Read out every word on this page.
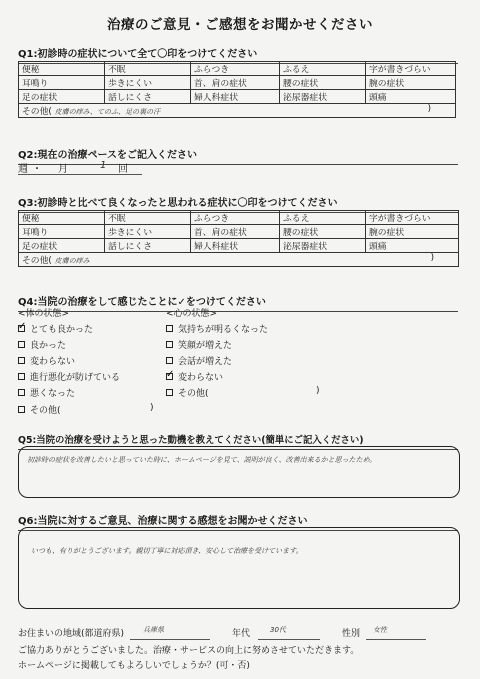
治療のご意見・ご感想をお聞かせください
Q1:初診時の症状について全て〇印をつけてください
便秘	不眠	ふらつき	ふるえ	字が書きづらい
耳鳴り	歩きにくい	首、肩の症状	腰の症状	腕の症状
足の症状	話しにくさ	婦人科症状	泌尿器症状	頭痛
その他( 皮膚の痒み、てのふ、足の裏の汗 )				
Q2:現在の治療ペースをご記入ください
週 ・ 月	1 回
Q3:初診時と比べて良くなったと思われる症状に〇印をつけてください
便秘	不眠	ふらつき	ふるえ	字が書きづらい
耳鳴り	歩きにくい	首、肩の症状	腰の症状	腕の症状
足の症状	話しにくさ	婦人科症状	泌尿器症状	頭痛
その他( 皮膚の痒み )				
Q4:当院の治療をして感じたことに✓をつけてください
<体の状態>
✓
とても良かった
良かった
変わらない
進行悪化が防げている
悪くなった
その他(	)
<心の状態>
気持ちが明るくなった
笑顔が増えた
会話が増えた
✓
変わらない
その他(	)
Q5:当院の治療を受けようと思った動機を教えてください(簡単にご記入ください)
初診時の症状を改善したいと思っていた時に、ホームページを見て、説明が良く、改善出来るかと思ったため。
Q6:当院に対するご意見、治療に関する感想をお聞かせください
いつも、有りがとうございます。親切丁寧に対応頂き、安心して治療を受けています。
お住まいの地域(都道府県)	兵庫県	年代	30代	性別 女性
ご協力ありがとうございました。治療・サービスの向上に努めさせていただきます。
ホームページに掲載してもよろしいでしょうか？(可・否)
